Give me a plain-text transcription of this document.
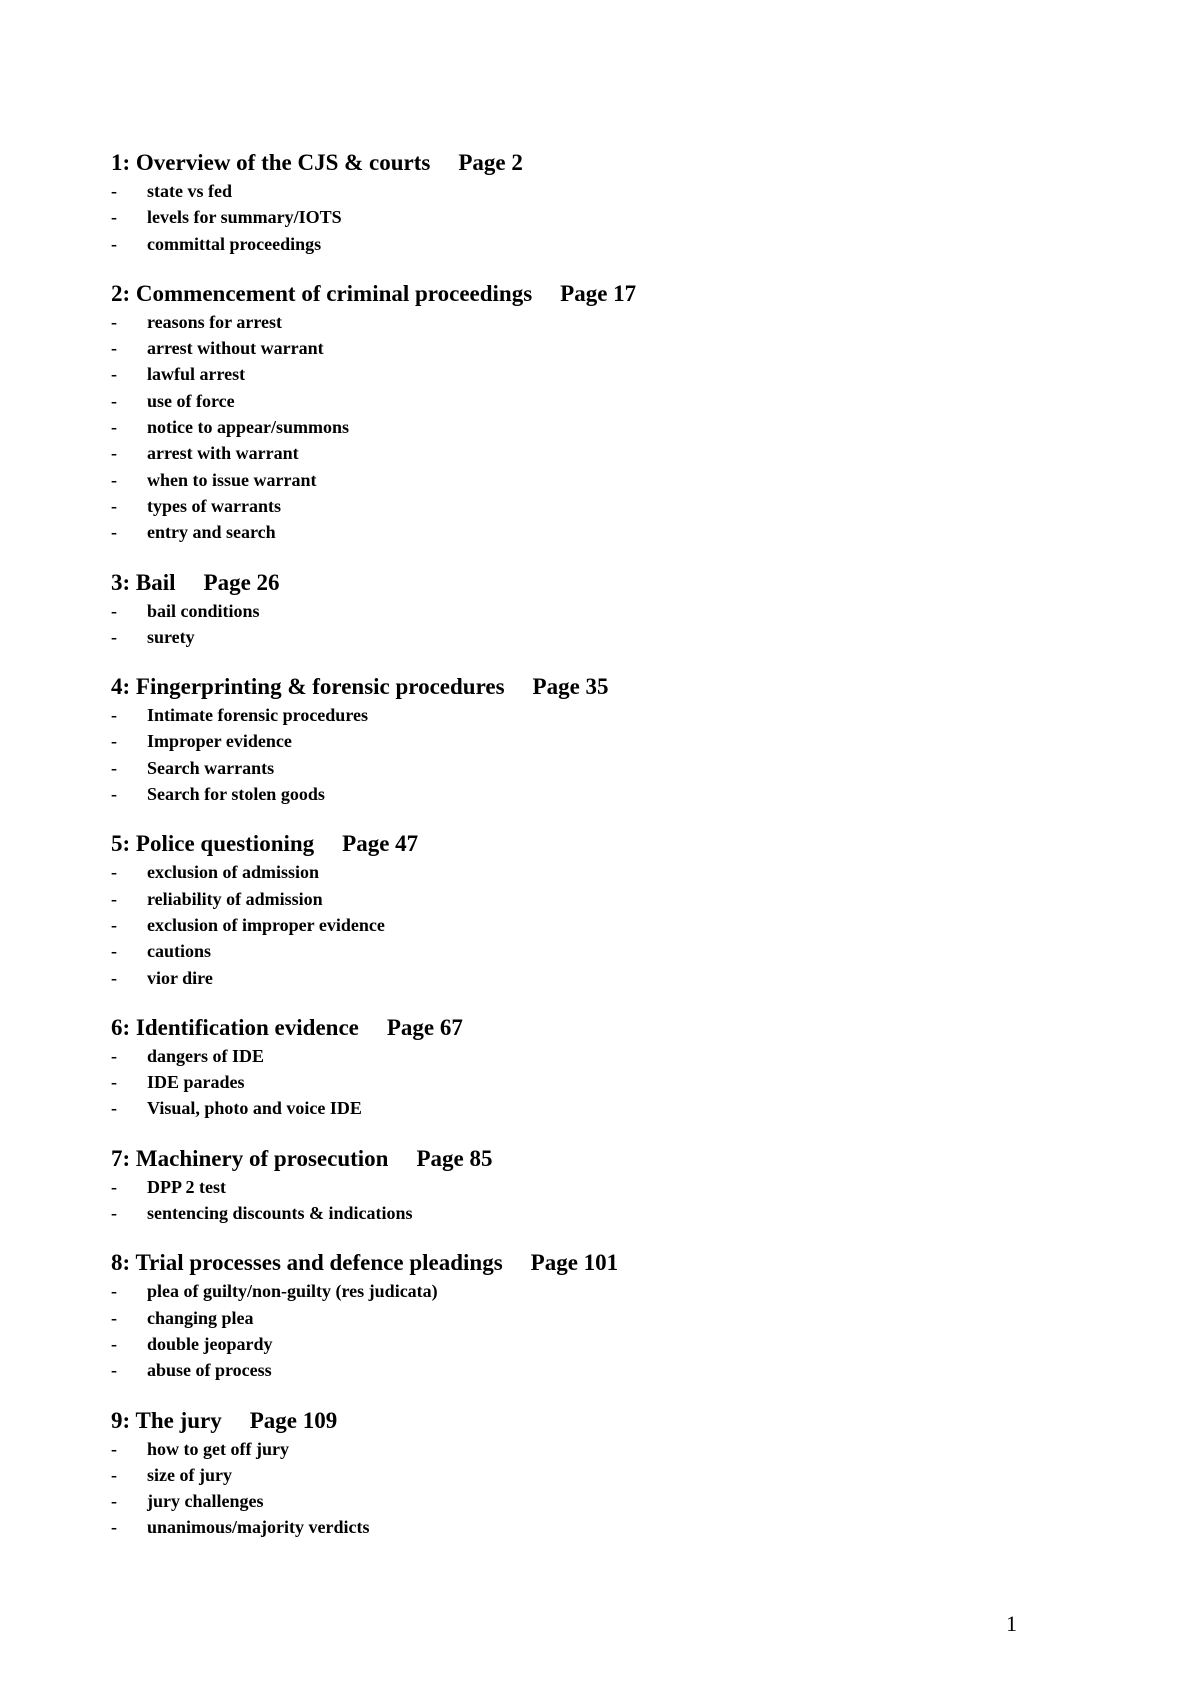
1: Overview of the CJS & courts Page 2
-	state vs fed
-	levels for summary/IOTS
-	committal proceedings
2: Commencement of criminal proceedings Page 17
-	reasons for arrest
-	arrest without warrant
-	lawful arrest
-	use of force
-	notice to appear/summons
-	arrest with warrant
-	when to issue warrant
-	types of warrants
-	entry and search
3: Bail Page 26
-	bail conditions
-	surety
4: Fingerprinting & forensic procedures Page 35
-	Intimate forensic procedures
-	Improper evidence
-	Search warrants
-	Search for stolen goods
5: Police questioning Page 47
-	exclusion of admission
-	reliability of admission
-	exclusion of improper evidence
-	cautions
-	vior dire
6: Identification evidence Page 67
-	dangers of IDE
-	IDE parades
-	Visual, photo and voice IDE
7: Machinery of prosecution Page 85
-	DPP 2 test
-	sentencing discounts & indications
8: Trial processes and defence pleadings Page 101
-	plea of guilty/non-guilty (res judicata)
-	changing plea
-	double jeopardy
-	abuse of process
9: The jury Page 109
-	how to get off jury
-	size of jury
-	jury challenges
-	unanimous/majority verdicts
1
